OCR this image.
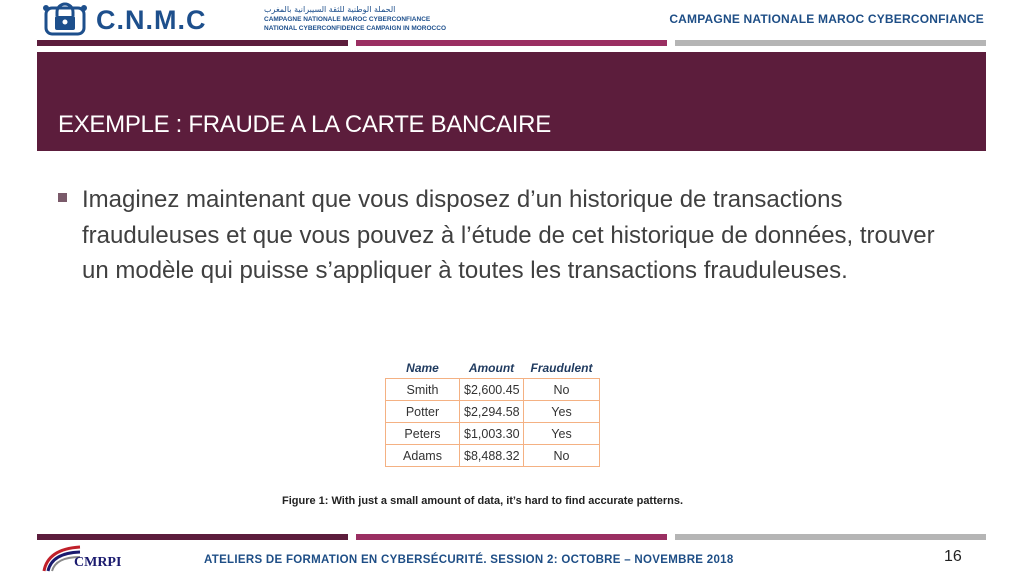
C.N.M.C	الحملة الوطنية للثقة السيبرانية بالمغرب
CAMPAGNE NATIONALE MAROC CYBERCONFIANCE
NATIONAL CYBERCONFIDENCE CAMPAIGN IN MOROCCO
CAMPAGNE NATIONALE MAROC CYBERCONFIANCE
EXEMPLE : FRAUDE A LA CARTE BANCAIRE
Imaginez maintenant que vous disposez d’un historique de transactions frauduleuses et que vous pouvez à l’étude de cet historique de données, trouver un modèle qui puisse s’appliquer à toutes les transactions frauduleuses.
Name	Amount	Fraudulent
Smith	$2,600.45	No
Potter	$2,294.58	Yes
Peters	$1,003.30	Yes
Adams	$8,488.32	No
Figure 1: With just a small amount of data, it’s hard to find accurate patterns.
CMRPI	ATELIERS DE FORMATION EN CYBERSÉCURITÉ. SESSION 2: OCTOBRE – NOVEMBRE 2018	16
